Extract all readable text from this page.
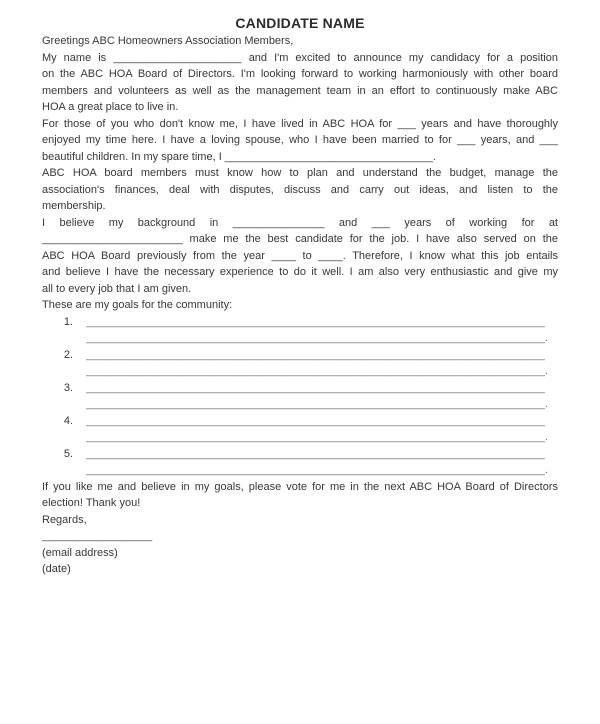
CANDIDATE NAME
Greetings ABC Homeowners Association Members,
My name is _____________________ and I'm excited to announce my candidacy for a position
on the ABC HOA Board of Directors. I'm looking forward to working harmoniously with other board
members and volunteers as well as the management team in an effort to continuously make ABC
HOA a great place to live in.
For those of you who don't know me, I have lived in ABC HOA for ___ years and have thoroughly
enjoyed my time here. I have a loving spouse, who I have been married to for ___ years, and ___
beautiful children. In my spare time, I __________________________________.
ABC HOA board members must know how to plan and understand the budget, manage the
association's finances, deal with disputes, discuss and carry out ideas, and listen to the
membership.
I believe my background in _______________ and ___ years of working for at
_______________________ make me the best candidate for the job. I have also served on the
ABC HOA Board previously from the year ____ to ____. Therefore, I know what this job entails
and believe I have the necessary experience to do it well. I am also very enthusiastic and give my
all to every job that I am given.
These are my goals for the community:
1.	___________________________________________________________________________
___________________________________________________________________________.
2.	___________________________________________________________________________
___________________________________________________________________________.
3.	___________________________________________________________________________
___________________________________________________________________________.
4.	___________________________________________________________________________
___________________________________________________________________________.
5.	___________________________________________________________________________
___________________________________________________________________________.
If you like me and believe in my goals, please vote for me in the next ABC HOA Board of Directors
election! Thank you!
Regards,
__________________
(email address)
(date)
